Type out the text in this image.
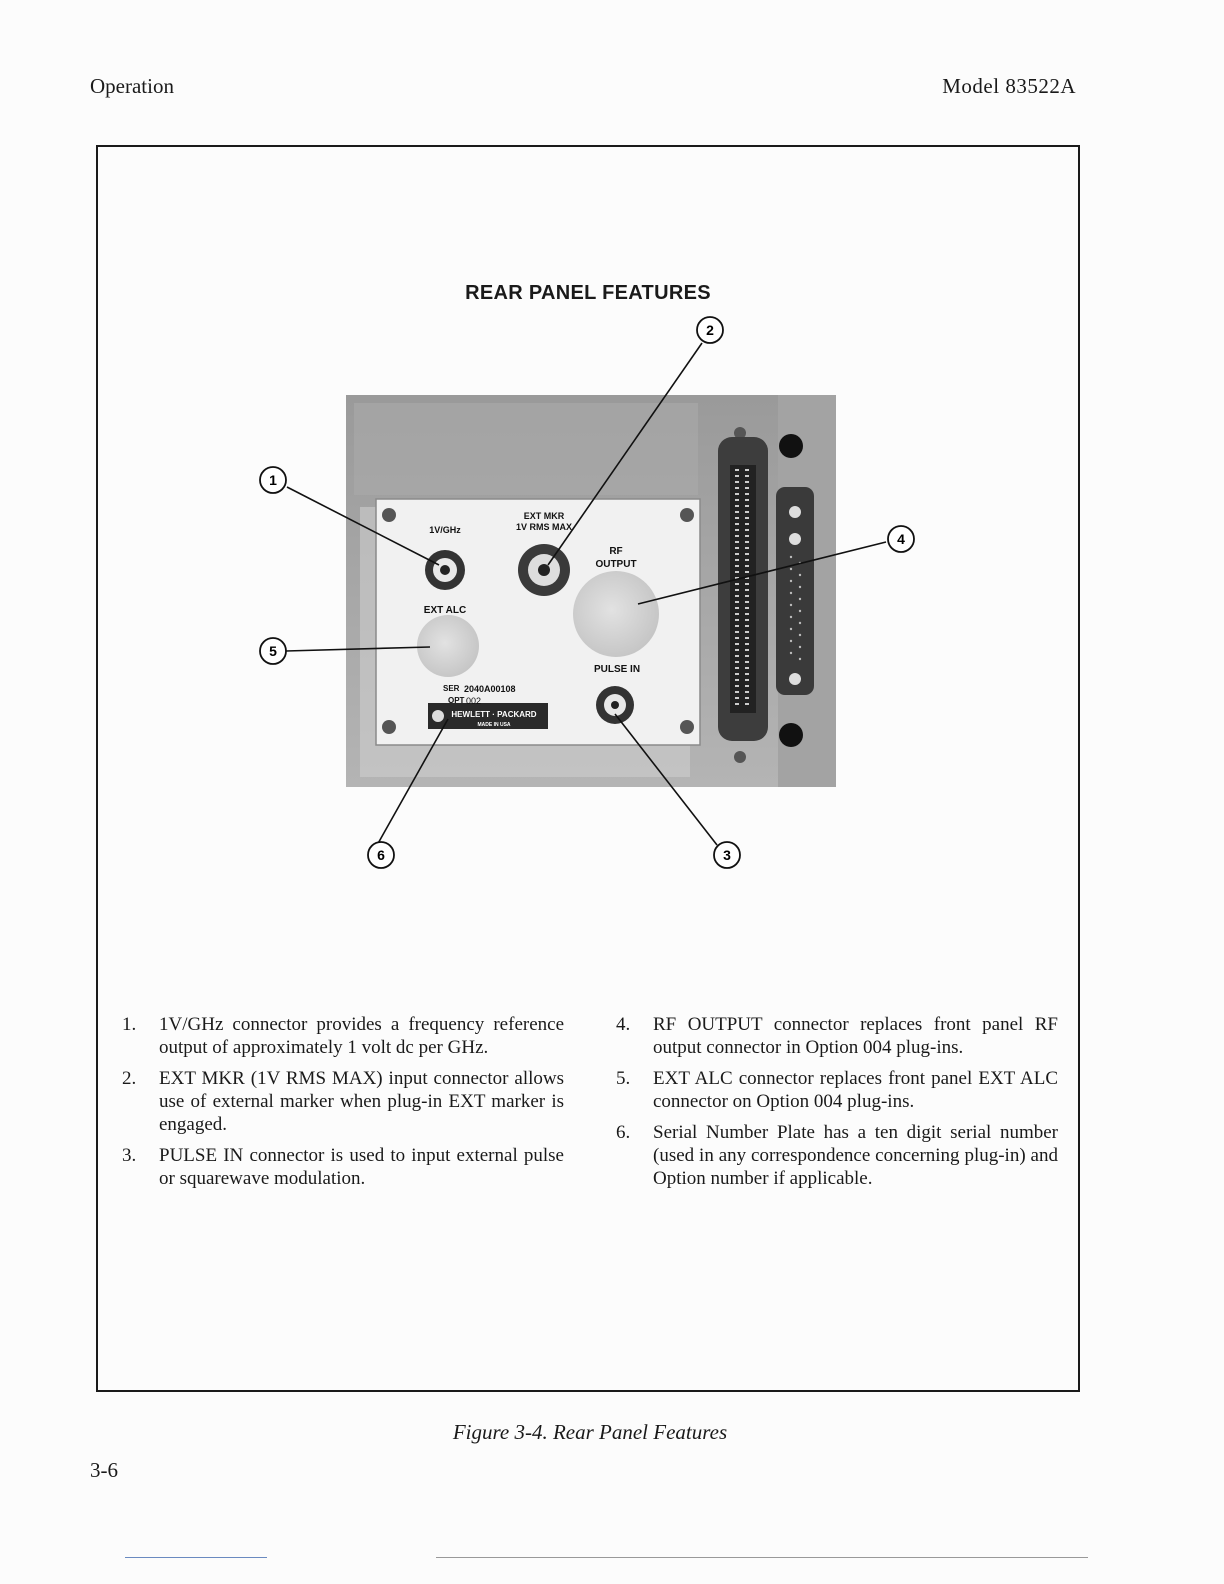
Operation	Model 83522A
REAR PANEL FEATURES
1V/GHz
EXT MKR
1V RMS MAX
RF
OUTPUT
EXT ALC
PULSE IN
SER 2040A00108
OPT 002
HEWLETT · PACKARD
MADE IN USA
1
2
3
4
5
6
1.	1V/GHz connector provides a frequency reference output of approximately 1 volt dc per GHz.
2.	EXT MKR (1V RMS MAX) input connector allows use of external marker when plug-in EXT marker is engaged.
3.	PULSE IN connector is used to input external pulse or squarewave modulation.
4.	RF OUTPUT connector replaces front panel RF output connector in Option 004 plug-ins.
5.	EXT ALC connector replaces front panel EXT ALC connector on Option 004 plug-ins.
6.	Serial Number Plate has a ten digit serial number (used in any correspondence concerning plug-in) and Option number if applicable.
Figure 3-4. Rear Panel Features
3-6
